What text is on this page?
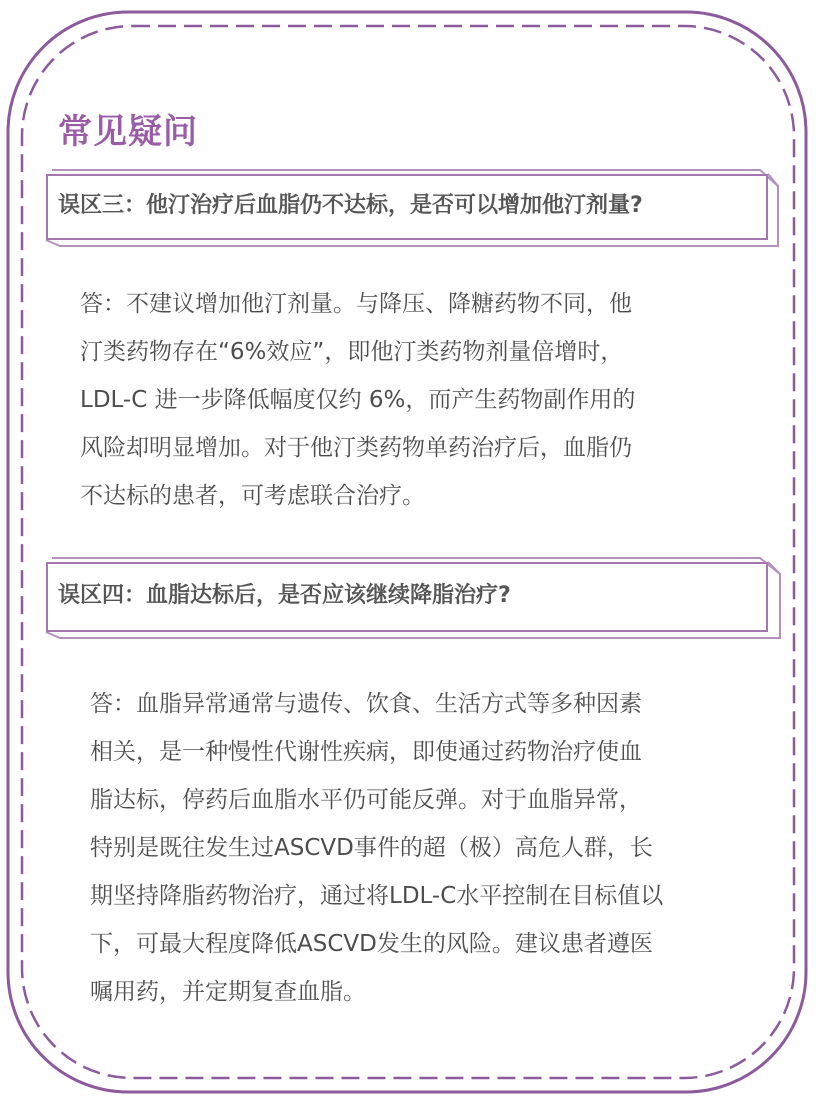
常见疑问
误区三：他汀治疗后血脂仍不达标，是否可以增加他汀剂量?
答：不建议增加他汀剂量。与降压、降糖药物不同，他
汀类药物存在“6%效应”，即他汀类药物剂量倍增时，
LDL-C 进一步降低幅度仅约 6%，而产生药物副作用的
风险却明显增加。对于他汀类药物单药治疗后，血脂仍
不达标的患者，可考虑联合治疗。
误区四：血脂达标后，是否应该继续降脂治疗?
答：血脂异常通常与遗传、饮食、生活方式等多种因素
相关，是一种慢性代谢性疾病，即使通过药物治疗使血
脂达标，停药后血脂水平仍可能反弹。对于血脂异常，
特别是既往发生过ASCVD事件的超（极）高危人群，长
期坚持降脂药物治疗，通过将LDL-C水平控制在目标值以
下，可最大程度降低ASCVD发生的风险。建议患者遵医
嘱用药，并定期复查血脂。
